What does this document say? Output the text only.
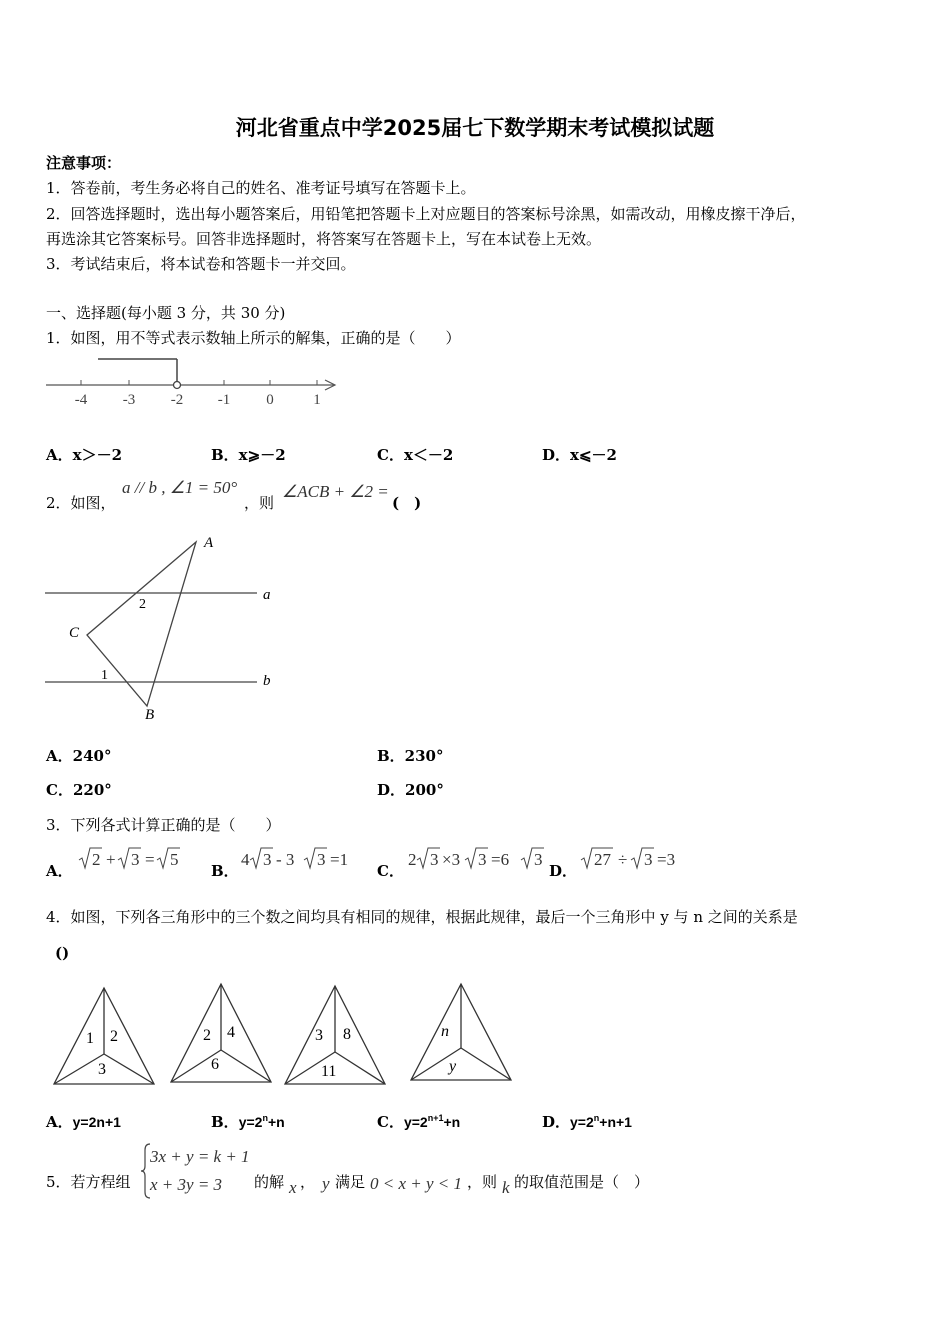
河北省重点中学2025届七下数学期末考试模拟试题
注意事项：
1．答卷前，考生务必将自己的姓名、准考证号填写在答题卡上。
2．回答选择题时，选出每小题答案后，用铅笔把答题卡上对应题目的答案标号涂黑，如需改动，用橡皮擦干净后，
再选涂其它答案标号。回答非选择题时，将答案写在答题卡上，写在本试卷上无效。
3．考试结束后，将本试卷和答题卡一并交回。
一、选择题(每小题 3 分，共 30 分)
1．如图，用不等式表示数轴上所示的解集，正确的是（　　）
-4 -3 -2 -1 0	1
A．x＞－2	B．x⩾－2	C．x＜－2	D．x⩽－2
2．如图，
a // b , ∠1 = 50°
，则
∠ACB + ∠2 =
(　)
A
a
b
C
B
1
2
A．240°	B．230°
C．220°	D．200°
3．下列各式计算正确的是（　　）
A．
2 + 3 = 5
B．
4 3 - 3 3 =1
C．
2 3 ×3 3 =6 3
D．
27 ÷ 3 =3
4．如图，下列各三角形中的三个数之间均具有相同的规律，根据此规律，最后一个三角形中 y 与 n 之间的关系是
()
1 2
3
2 4
6
3 8
11
n
y
A．y=2n+1	B．$y=2^n+n$	C．$y=2^{n+1}+n$	D．$y=2^n+n+1$
5．若方程组
3x + y = k + 1
x + 3y = 3 的解 x ， y 满足 0 < x + y < 1 ，则 k 的取值范围是（　）
